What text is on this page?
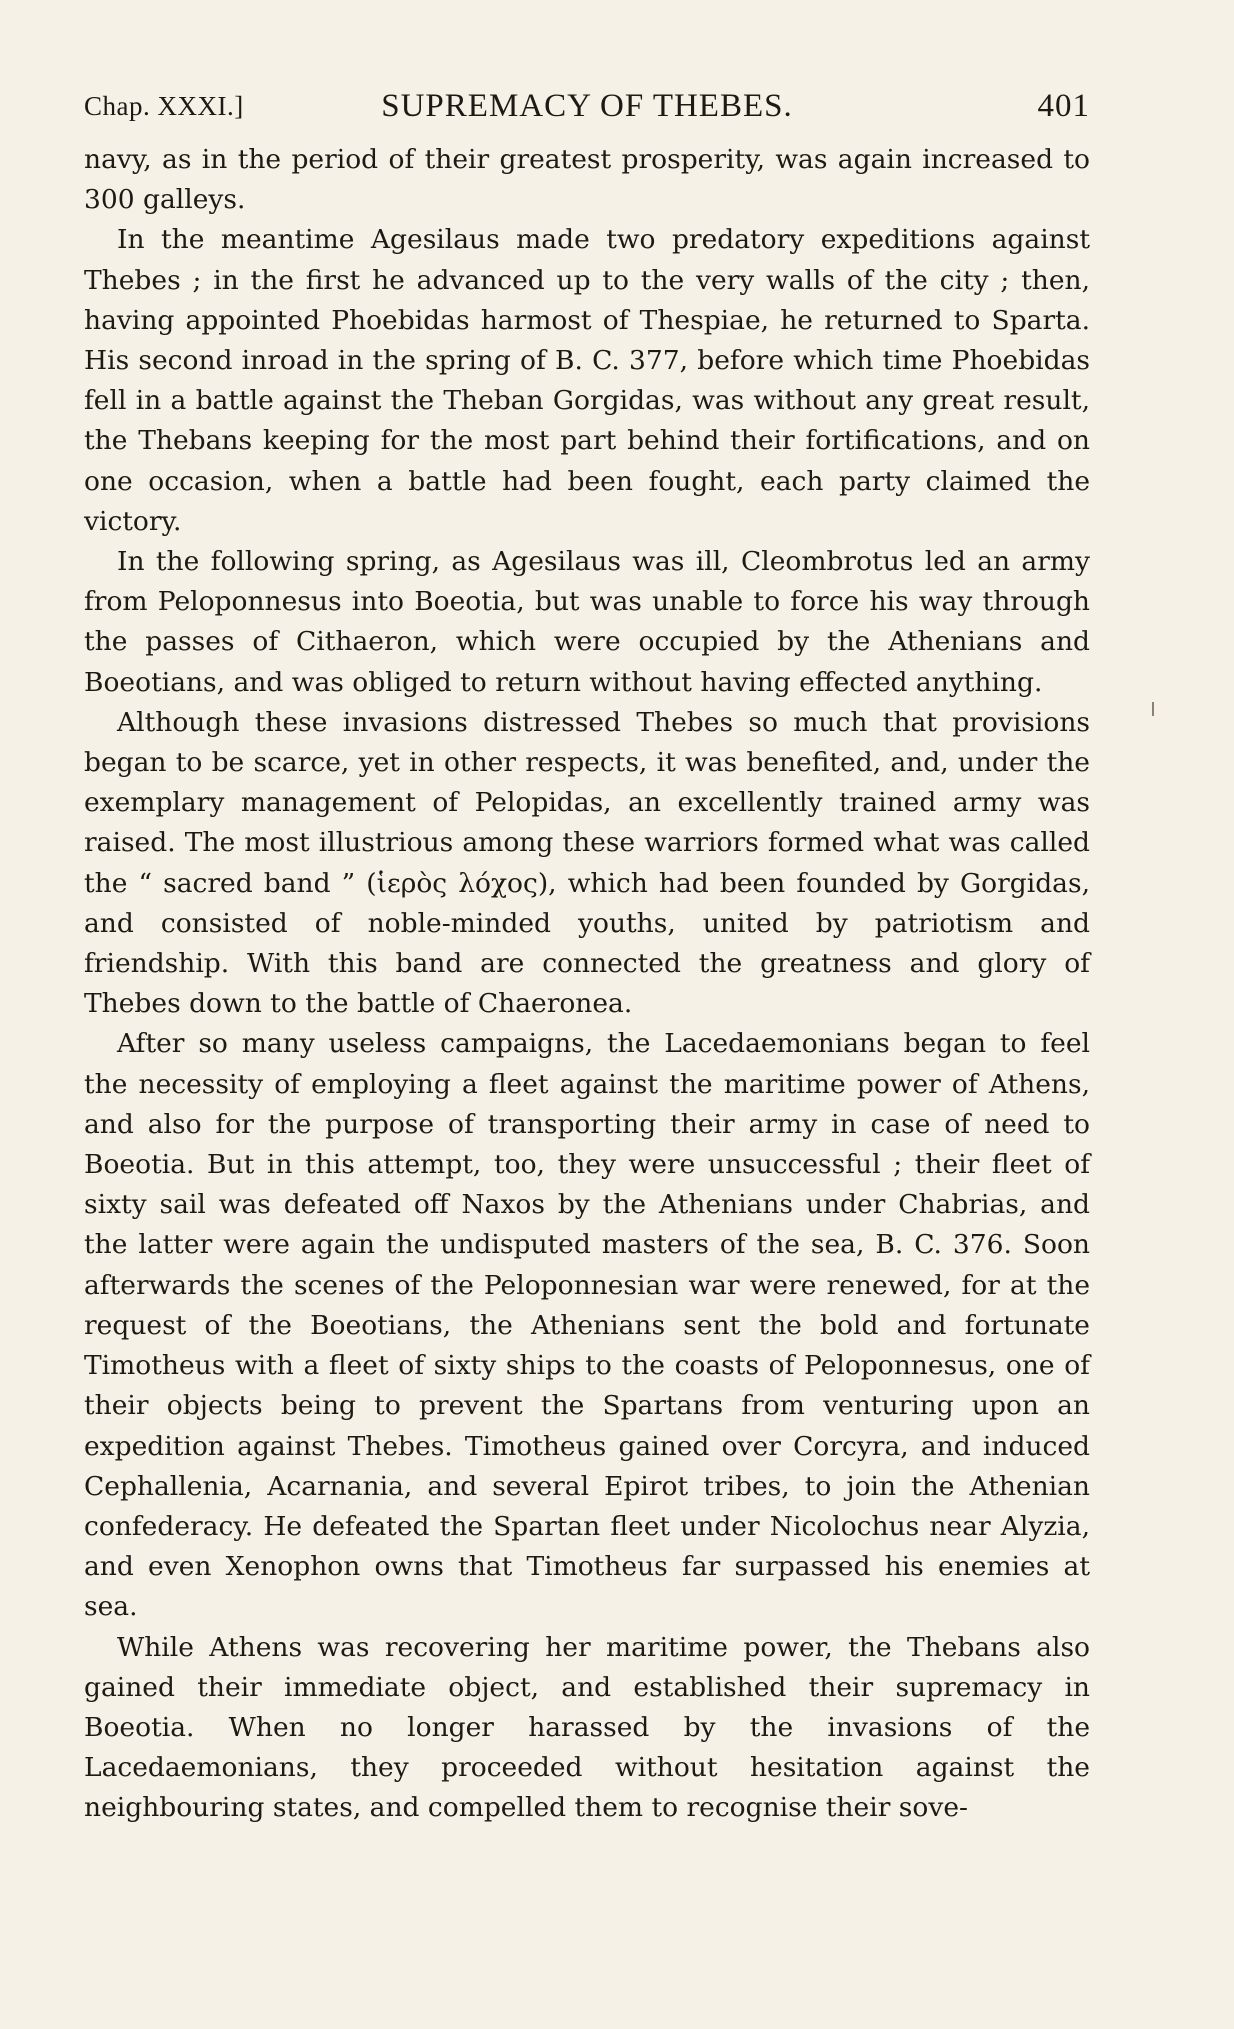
Chap. XXXI.]	SUPREMACY OF THEBES.	401

navy, as in the period of their greatest prosperity, was again increased to 300 galleys.

In the meantime Agesilaus made two predatory expeditions against Thebes ; in the first he advanced up to the very walls of the city ; then, having appointed Phoebidas harmost of Thespiae, he returned to Sparta. His second inroad in the spring of B. C. 377, before which time Phoebidas fell in a battle against the Theban Gorgidas, was without any great result, the Thebans keeping for the most part behind their fortifications, and on one occasion, when a battle had been fought, each party claimed the victory.

In the following spring, as Agesilaus was ill, Cleombrotus led an army from Peloponnesus into Boeotia, but was unable to force his way through the passes of Cithaeron, which were occupied by the Athenians and Boeotians, and was obliged to return without having effected anything.

Although these invasions distressed Thebes so much that provisions began to be scarce, yet in other respects, it was benefited, and, under the exemplary management of Pelopidas, an excellently trained army was raised. The most illustrious among these warriors formed what was called the “ sacred band ” (ἱερὸς λόχος), which had been founded by Gorgidas, and consisted of noble-minded youths, united by patriotism and friendship. With this band are connected the greatness and glory of Thebes down to the battle of Chaeronea.

After so many useless campaigns, the Lacedaemonians began to feel the necessity of employing a fleet against the maritime power of Athens, and also for the purpose of transporting their army in case of need to Boeotia. But in this attempt, too, they were unsuccessful ; their fleet of sixty sail was defeated off Naxos by the Athenians under Chabrias, and the latter were again the undisputed masters of the sea, B. C. 376. Soon afterwards the scenes of the Peloponnesian war were renewed, for at the request of the Boeotians, the Athenians sent the bold and fortunate Timotheus with a fleet of sixty ships to the coasts of Peloponnesus, one of their objects being to prevent the Spartans from venturing upon an expedition against Thebes. Timotheus gained over Corcyra, and induced Cephallenia, Acarnania, and several Epirot tribes, to join the Athenian confederacy. He defeated the Spartan fleet under Nicolochus near Alyzia, and even Xenophon owns that Timotheus far surpassed his enemies at sea.

While Athens was recovering her maritime power, the Thebans also gained their immediate object, and established their supremacy in Boeotia. When no longer harassed by the invasions of the Lacedaemonians, they proceeded without hesitation against the neighbouring states, and compelled them to recognise their sove-
